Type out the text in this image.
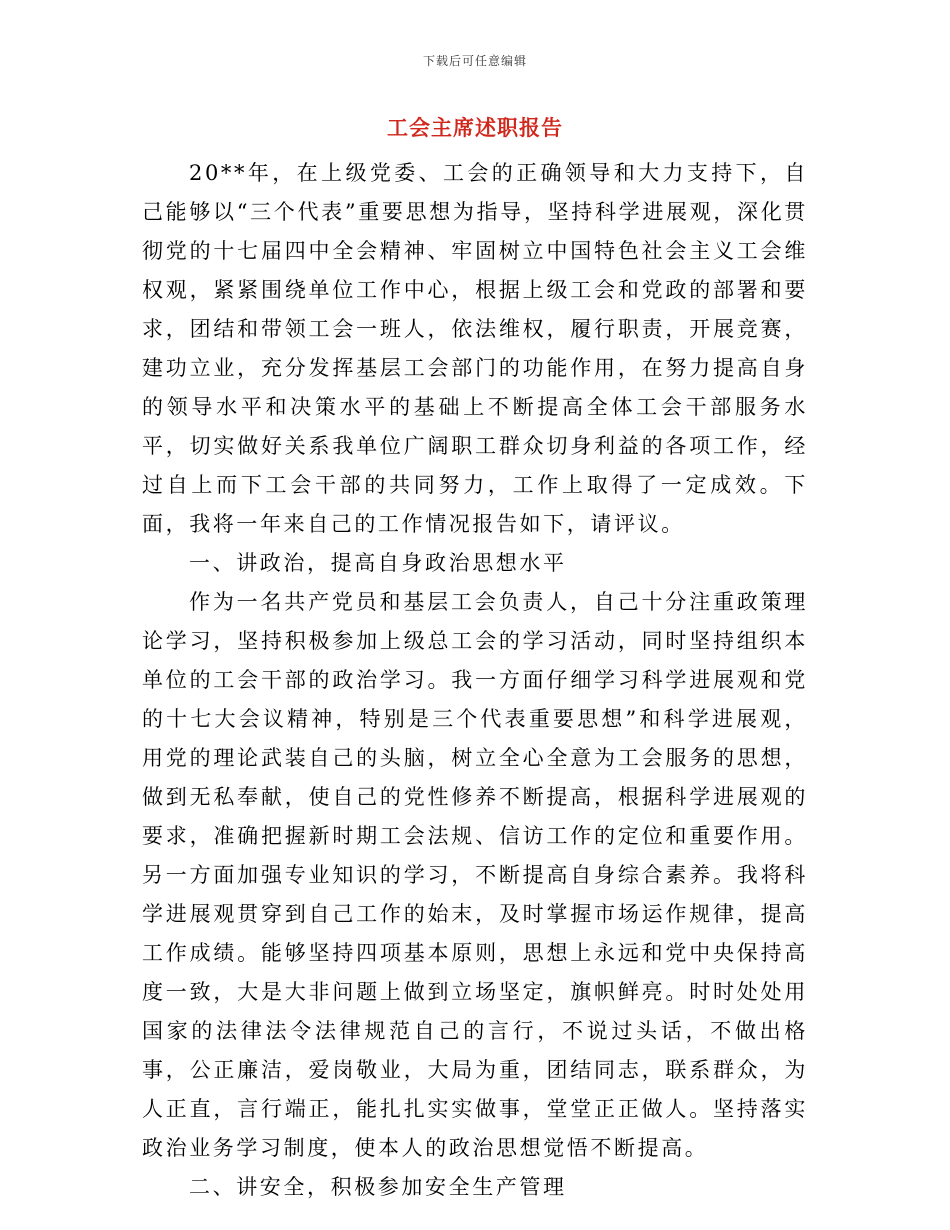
下载后可任意编辑
工会主席述职报告

20**年，在上级党委、工会的正确领导和大力支持下，自己能够以“三个代表”重要思想为指导，坚持科学进展观，深化贯彻党的十七届四中全会精神、牢固树立中国特色社会主义工会维权观，紧紧围绕单位工作中心，根据上级工会和党政的部署和要求，团结和带领工会一班人，依法维权，履行职责，开展竞赛，建功立业，充分发挥基层工会部门的功能作用，在努力提高自身的领导水平和决策水平的基础上不断提高全体工会干部服务水平，切实做好关系我单位广阔职工群众切身利益的各项工作，经过自上而下工会干部的共同努力，工作上取得了一定成效。下面，我将一年来自己的工作情况报告如下，请评议。

一、讲政治，提高自身政治思想水平

作为一名共产党员和基层工会负责人，自己十分注重政策理论学习，坚持积极参加上级总工会的学习活动，同时坚持组织本单位的工会干部的政治学习。我一方面仔细学习科学进展观和党的十七大会议精神，特别是三个代表重要思想”和科学进展观，用党的理论武装自己的头脑，树立全心全意为工会服务的思想，做到无私奉献，使自己的党性修养不断提高，根据科学进展观的要求，准确把握新时期工会法规、信访工作的定位和重要作用。另一方面加强专业知识的学习，不断提高自身综合素养。我将科学进展观贯穿到自己工作的始末，及时掌握市场运作规律，提高工作成绩。能够坚持四项基本原则，思想上永远和党中央保持高度一致，大是大非问题上做到立场坚定，旗帜鲜亮。时时处处用国家的法律法令法律规范自己的言行，不说过头话，不做出格事，公正廉洁，爱岗敬业，大局为重，团结同志，联系群众，为人正直，言行端正，能扎扎实实做事，堂堂正正做人。坚持落实政治业务学习制度，使本人的政治思想觉悟不断提高。

二、讲安全，积极参加安全生产管理
